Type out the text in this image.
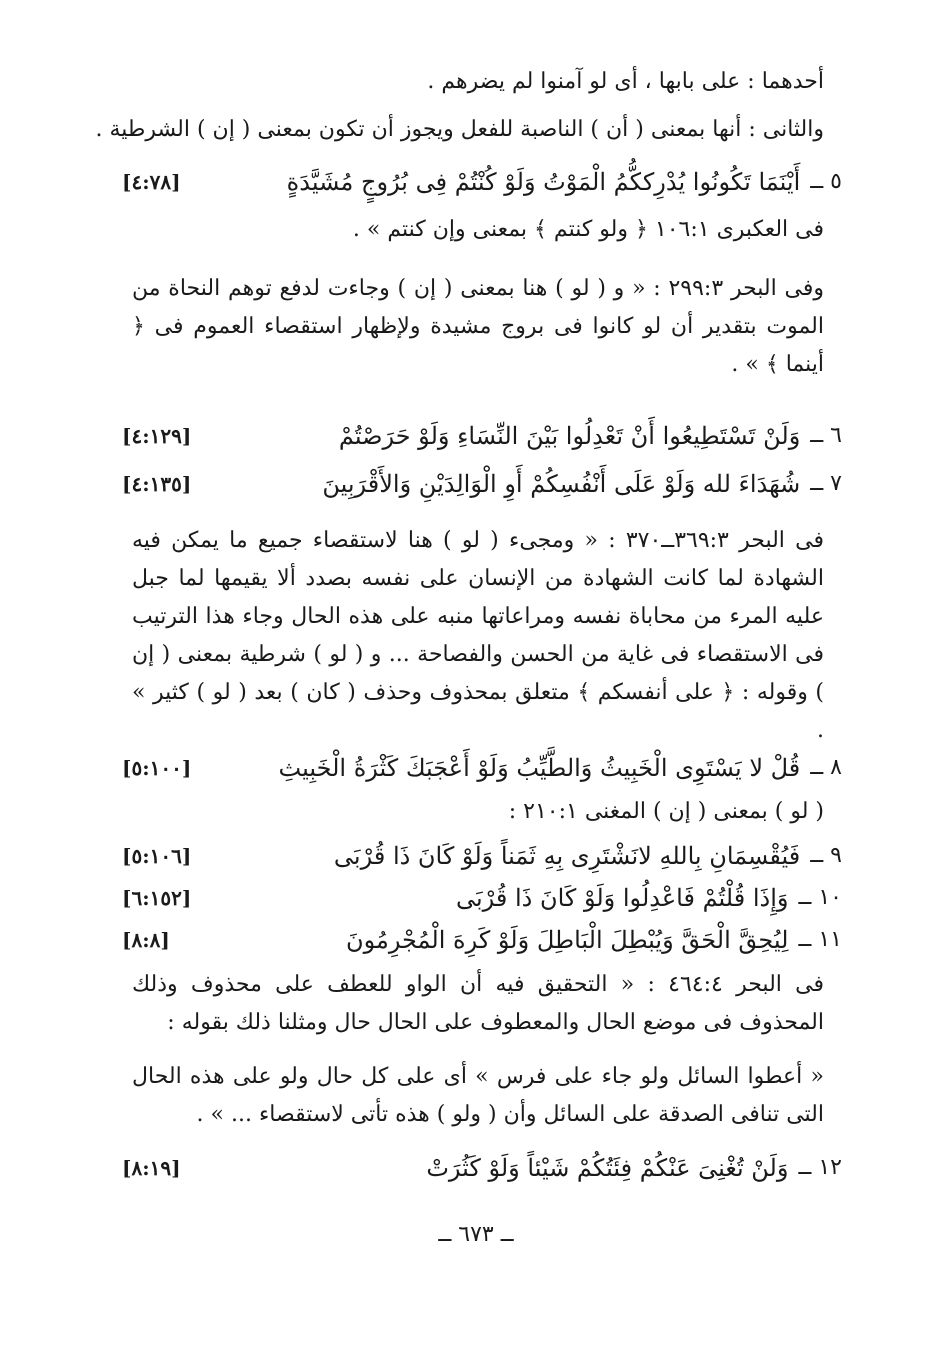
أحدهما : على بابها ، أى لو آمنوا لم يضرهم .
والثانى : أنها بمعنى ( أن ) الناصبة للفعل ويجوز أن تكون بمعنى ( إن ) الشرطية .
٥ ــ
أَيْنَمَا تَكُونُوا يُدْرِككُّمُ الْمَوْتُ وَلَوْ كُنْتُمْ فِى بُرُوجٍ مُشَيَّدَةٍ
[٤:٧٨]
فى العكبرى ١٠٦:١ ﴿ ولو كنتم ﴾ بمعنى وإن كنتم » .
وفى البحر ٢٩٩:٣ : « و ( لو ) هنا بمعنى ( إن ) وجاءت لدفع توهم النحاة من الموت بتقدير أن لو كانوا فى بروج مشيدة ولإظهار استقصاء العموم فى ﴿ أينما ﴾ » .
٦ ــ
وَلَنْ تَسْتَطِيعُوا أَنْ تَعْدِلُوا بَيْنَ النِّسَاءِ وَلَوْ حَرَصْتُمْ
[٤:١٢٩]
٧ ــ
شُهَدَاءَ لله وَلَوْ عَلَى أَنْفُسِكُمْ أَوِ الْوَالِدَيْنِ وَالأَقْرَبِينَ
[٤:١٣٥]
فى البحر ٣٦٩:٣ــ٣٧٠ : « ومجىء ( لو ) هنا لاستقصاء جميع ما يمكن فيه الشهادة لما كانت الشهادة من الإنسان على نفسه بصدد ألا يقيمها لما جبل عليه المرء من محاباة نفسه ومراعاتها منبه على هذه الحال وجاء هذا الترتيب فى الاستقصاء فى غاية من الحسن والفصاحة ... و ( لو ) شرطية بمعنى ( إن ) وقوله : ﴿ على أنفسكم ﴾ متعلق بمحذوف وحذف ( كان ) بعد ( لو ) كثير » .
٨ ــ
قُلْ لا يَسْتَوِى الْخَبِيثُ وَالطَّيِّبُ وَلَوْ أَعْجَبَكَ كَثْرَةُ الْخَبِيثِ
[٥:١٠٠]
( لو ) بمعنى ( إن ) المغنى ٢١٠:١ :
٩ ــ
فَيُقْسِمَانِ بِاللهِ لانَشْتَرِى بِهِ ثَمَناً وَلَوْ كَانَ ذَا قُرْبَى
[٥:١٠٦]
١٠ ــ
وَإِذَا قُلْتُمْ فَاعْدِلُوا وَلَوْ كَانَ ذَا قُرْبَى
[٦:١٥٢]
١١ ــ
لِيُحِقَّ الْحَقَّ وَيُبْطِلَ الْبَاطِلَ وَلَوْ كَرِهَ الْمُجْرِمُونَ
[٨:٨]
فى البحر ٤٦٤:٤ : « التحقيق فيه أن الواو للعطف على محذوف وذلك المحذوف فى موضع الحال والمعطوف على الحال حال ومثلنا ذلك بقوله :
« أعطوا السائل ولو جاء على فرس » أى على كل حال ولو على هذه الحال التى تنافى الصدقة على السائل وأن ( ولو ) هذه تأتى لاستقصاء ... » .
١٢ ــ
وَلَنْ تُغْنِىَ عَنْكُمْ فِئَتُكُمْ شَيْئاً وَلَوْ كَثُرَتْ
[٨:١٩]
ــ ٦٧٣ ــ
